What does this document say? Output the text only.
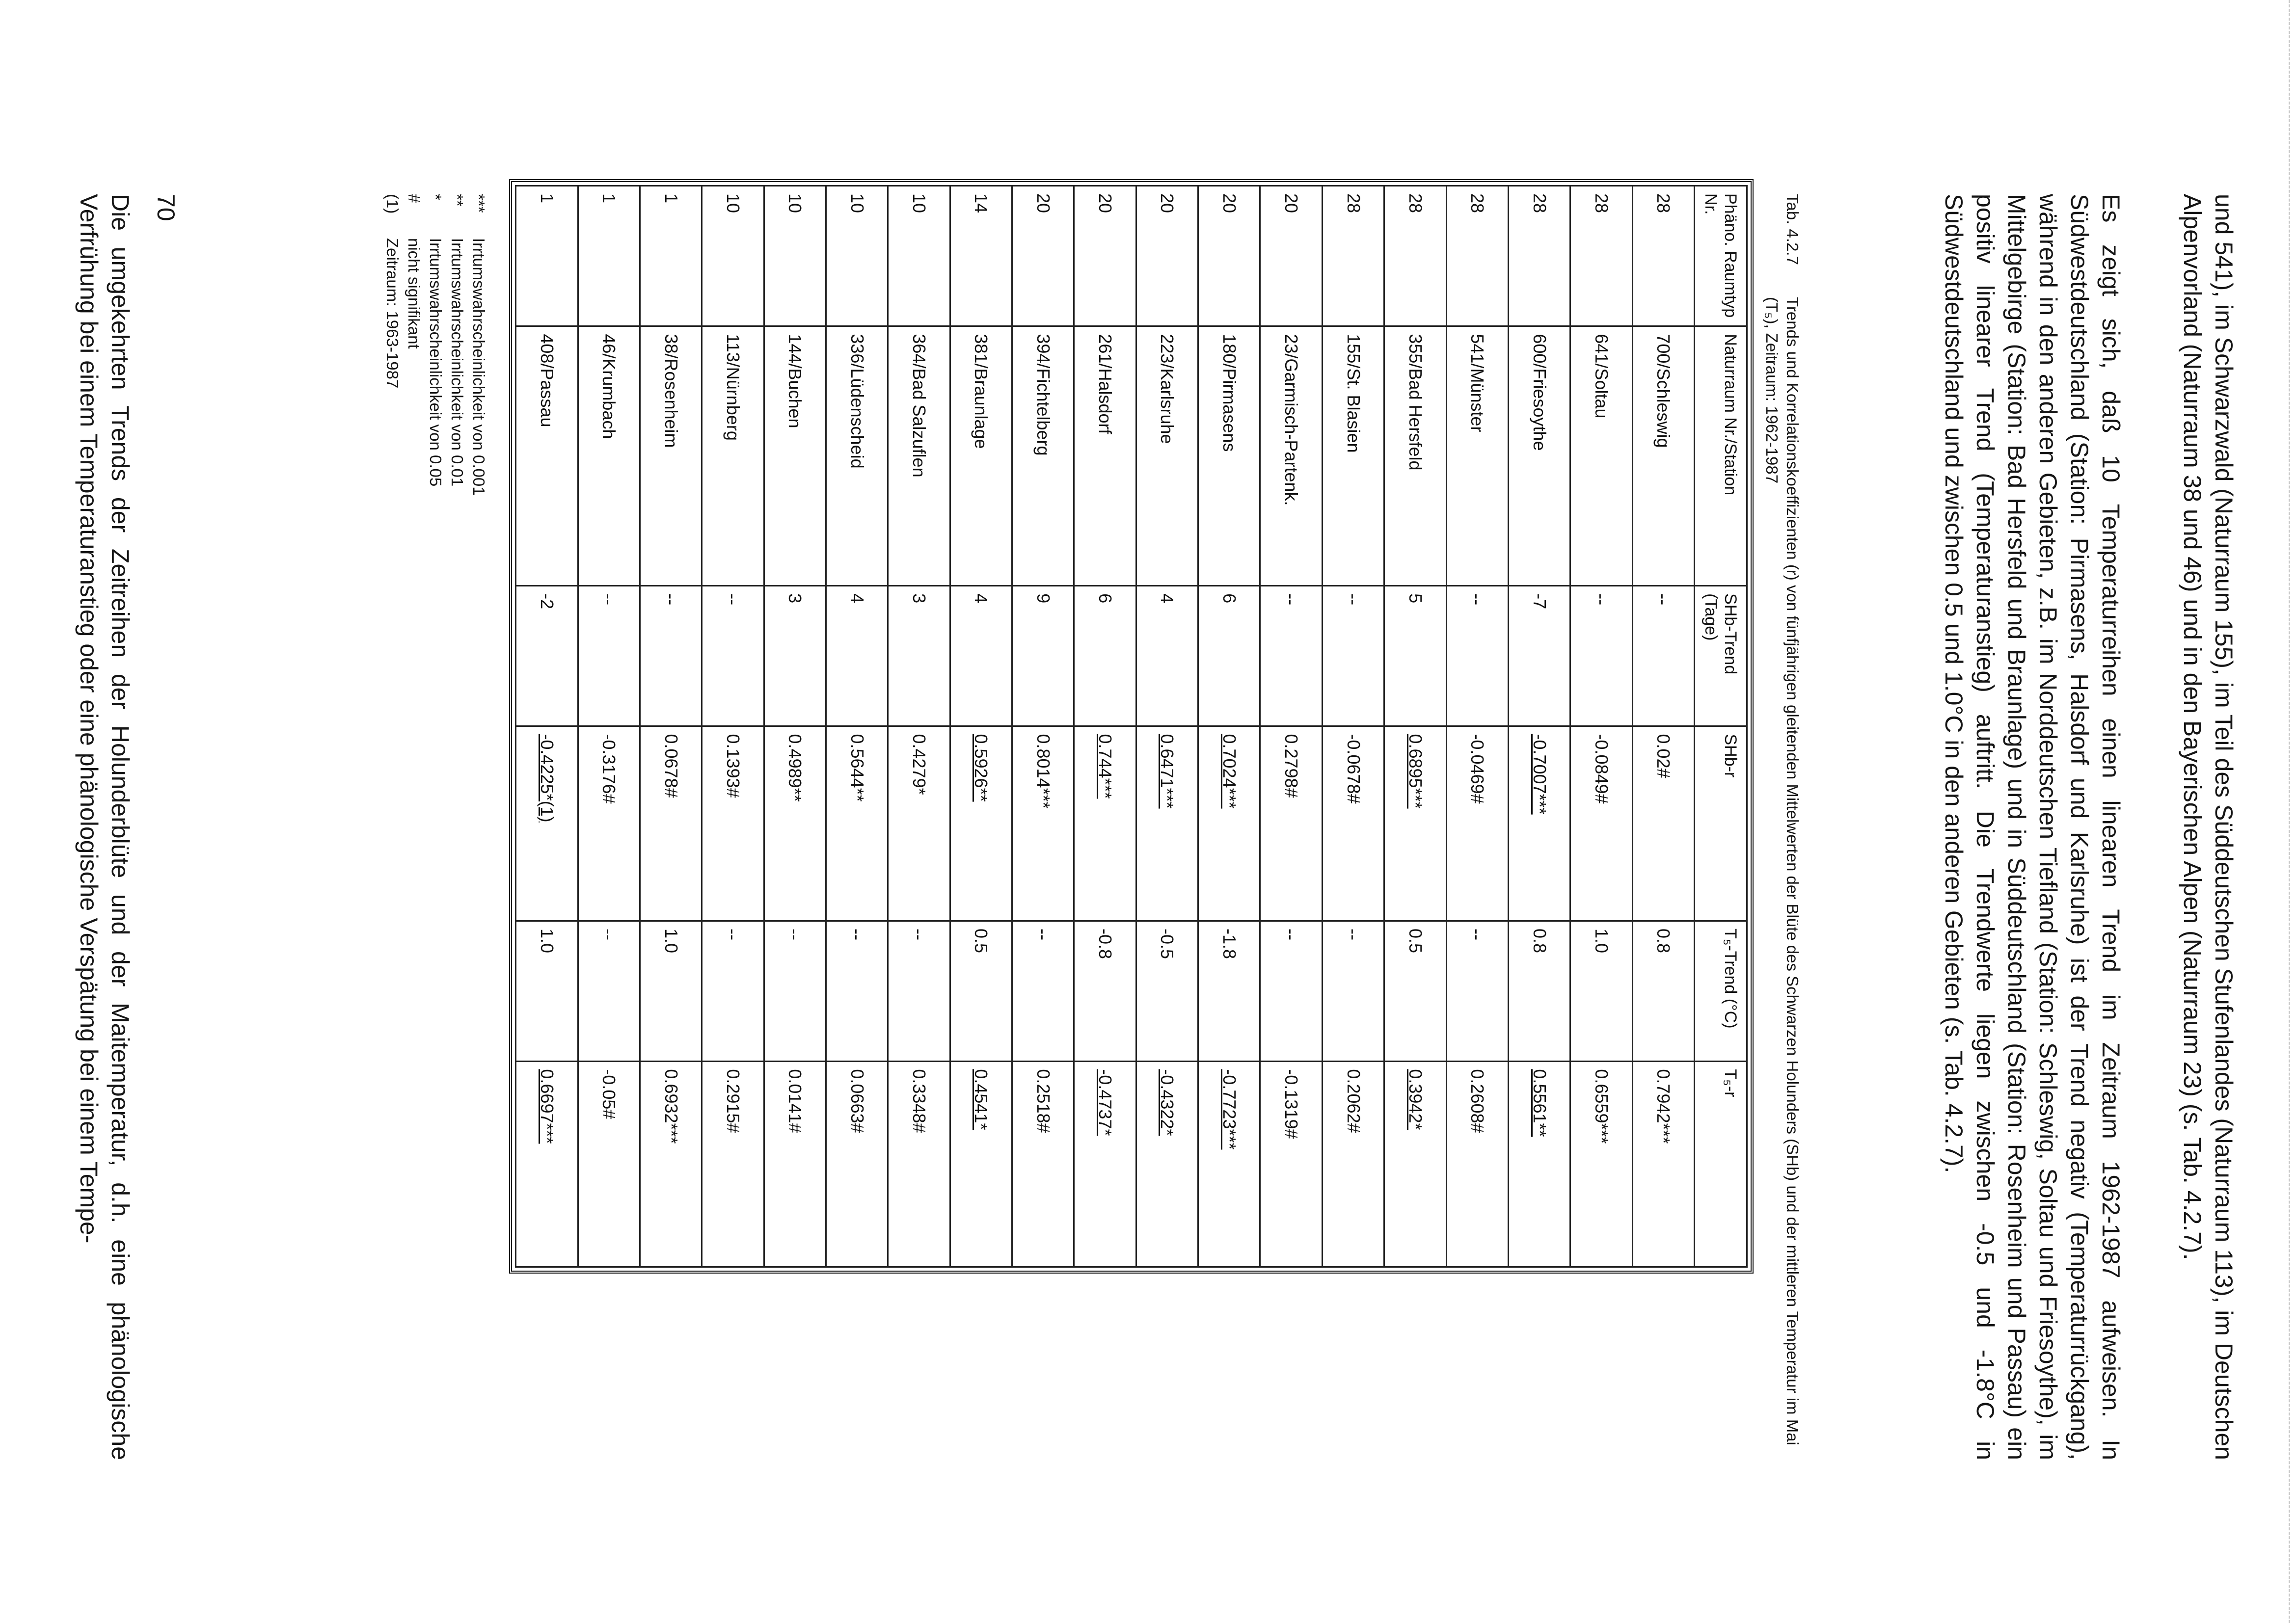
und 541), im Schwarzwald (Naturraum 155), im Teil des Süddeutschen Stufenlandes (Naturraum 113), im Deutschen Alpenvorland (Naturraum 38 und 46) und in den Bayerischen Alpen (Naturraum 23) (s. Tab. 4.2.7).

Es zeigt sich, daß 10 Temperaturreihen einen linearen Trend im Zeitraum 1962-1987 aufweisen. In Südwestdeutschland (Station: Pirmasens, Halsdorf und Karlsruhe) ist der Trend negativ (Temperaturrückgang), während in den anderen Gebieten, z.B. im Norddeutschen Tiefland (Station: Schleswig, Soltau und Friesoythe), im Mittelgebirge (Station: Bad Hersfeld und Braunlage) und in Süddeutschland (Station: Rosenheim und Passau) ein positiv linearer Trend (Temperaturanstieg) auftritt. Die Trendwerte liegen zwischen -0.5 und -1.8°C in Südwestdeutschland und zwischen 0.5 und 1.0°C in den anderen Gebieten (s. Tab. 4.2.7).

Tab. 4.2.7
Trends und Korrelationskoeffizienten (r) von fünfjährigen gleitenden Mittelwerten der Blüte des Schwarzen Holunders (SHb) und der mittleren Temperatur im Mai (T₅), Zeitraum: 1962-1987
Phäno. Raumtyp Nr.	Naturraum Nr./Station	SHb-Trend (Tage)	SHb-r	T₅-Trend (°C)	T₅-r
28	700/Schleswig	--	0.02#	0.8	0.7942***
28	641/Soltau	--	-0.0849#	1.0	0.6559***
28	600/Friesoythe	-7	-0.7007***	0.8	0.5561**
28	541/Münster	--	-0.0469#	--	0.2608#
28	355/Bad Hersfeld	5	0.6895***	0.5	0.3942*
28	155/St. Blasien	--	-0.0678#	--	0.2062#
20	23/Garmisch-Partenk.	--	0.2798#	--	-0.1319#
20	180/Pirmasens	6	0.7024***	-1.8	-0.7723***
20	223/Karlsruhe	4	0.6471***	-0.5	-0.4322*
20	261/Halsdorf	6	0.744***	-0.8	-0.4737*
20	394/Fichtelberg	9	0.8014***	--	0.2518#
14	381/Braunlage	4	0.5926**	0.5	0.4541*
10	364/Bad Salzuflen	3	0.4279*	--	0.3348#
10	336/Lüdenscheid	4	0.5644**	--	0.0663#
10	144/Buchen	3	0.4989**	--	0.0141#
10	113/Nürnberg	--	0.1393#	--	0.2915#
1	38/Rosenheim	--	0.0678#	1.0	0.6932***
1	46/Krumbach	--	-0.3176#	--	-0.05#
1	408/Passau	-2	-0.4225*(1)	1.0	0.6697***
***
Irrtumswahrscheinlichkeit von 0.001
**
Irrtumswahrscheinlichkeit von 0.01
*
Irrtumswahrscheinlichkeit von 0.05
#
nicht signifikant
(1)
Zeitraum: 1963-1987
70
Die umgekehrten Trends der Zeitreihen der Holunderblüte und der Maitemperatur, d.h. eine phänologische Verfrühung bei einem Temperaturanstieg oder eine phänologische Verspätung bei einem Tempe-
